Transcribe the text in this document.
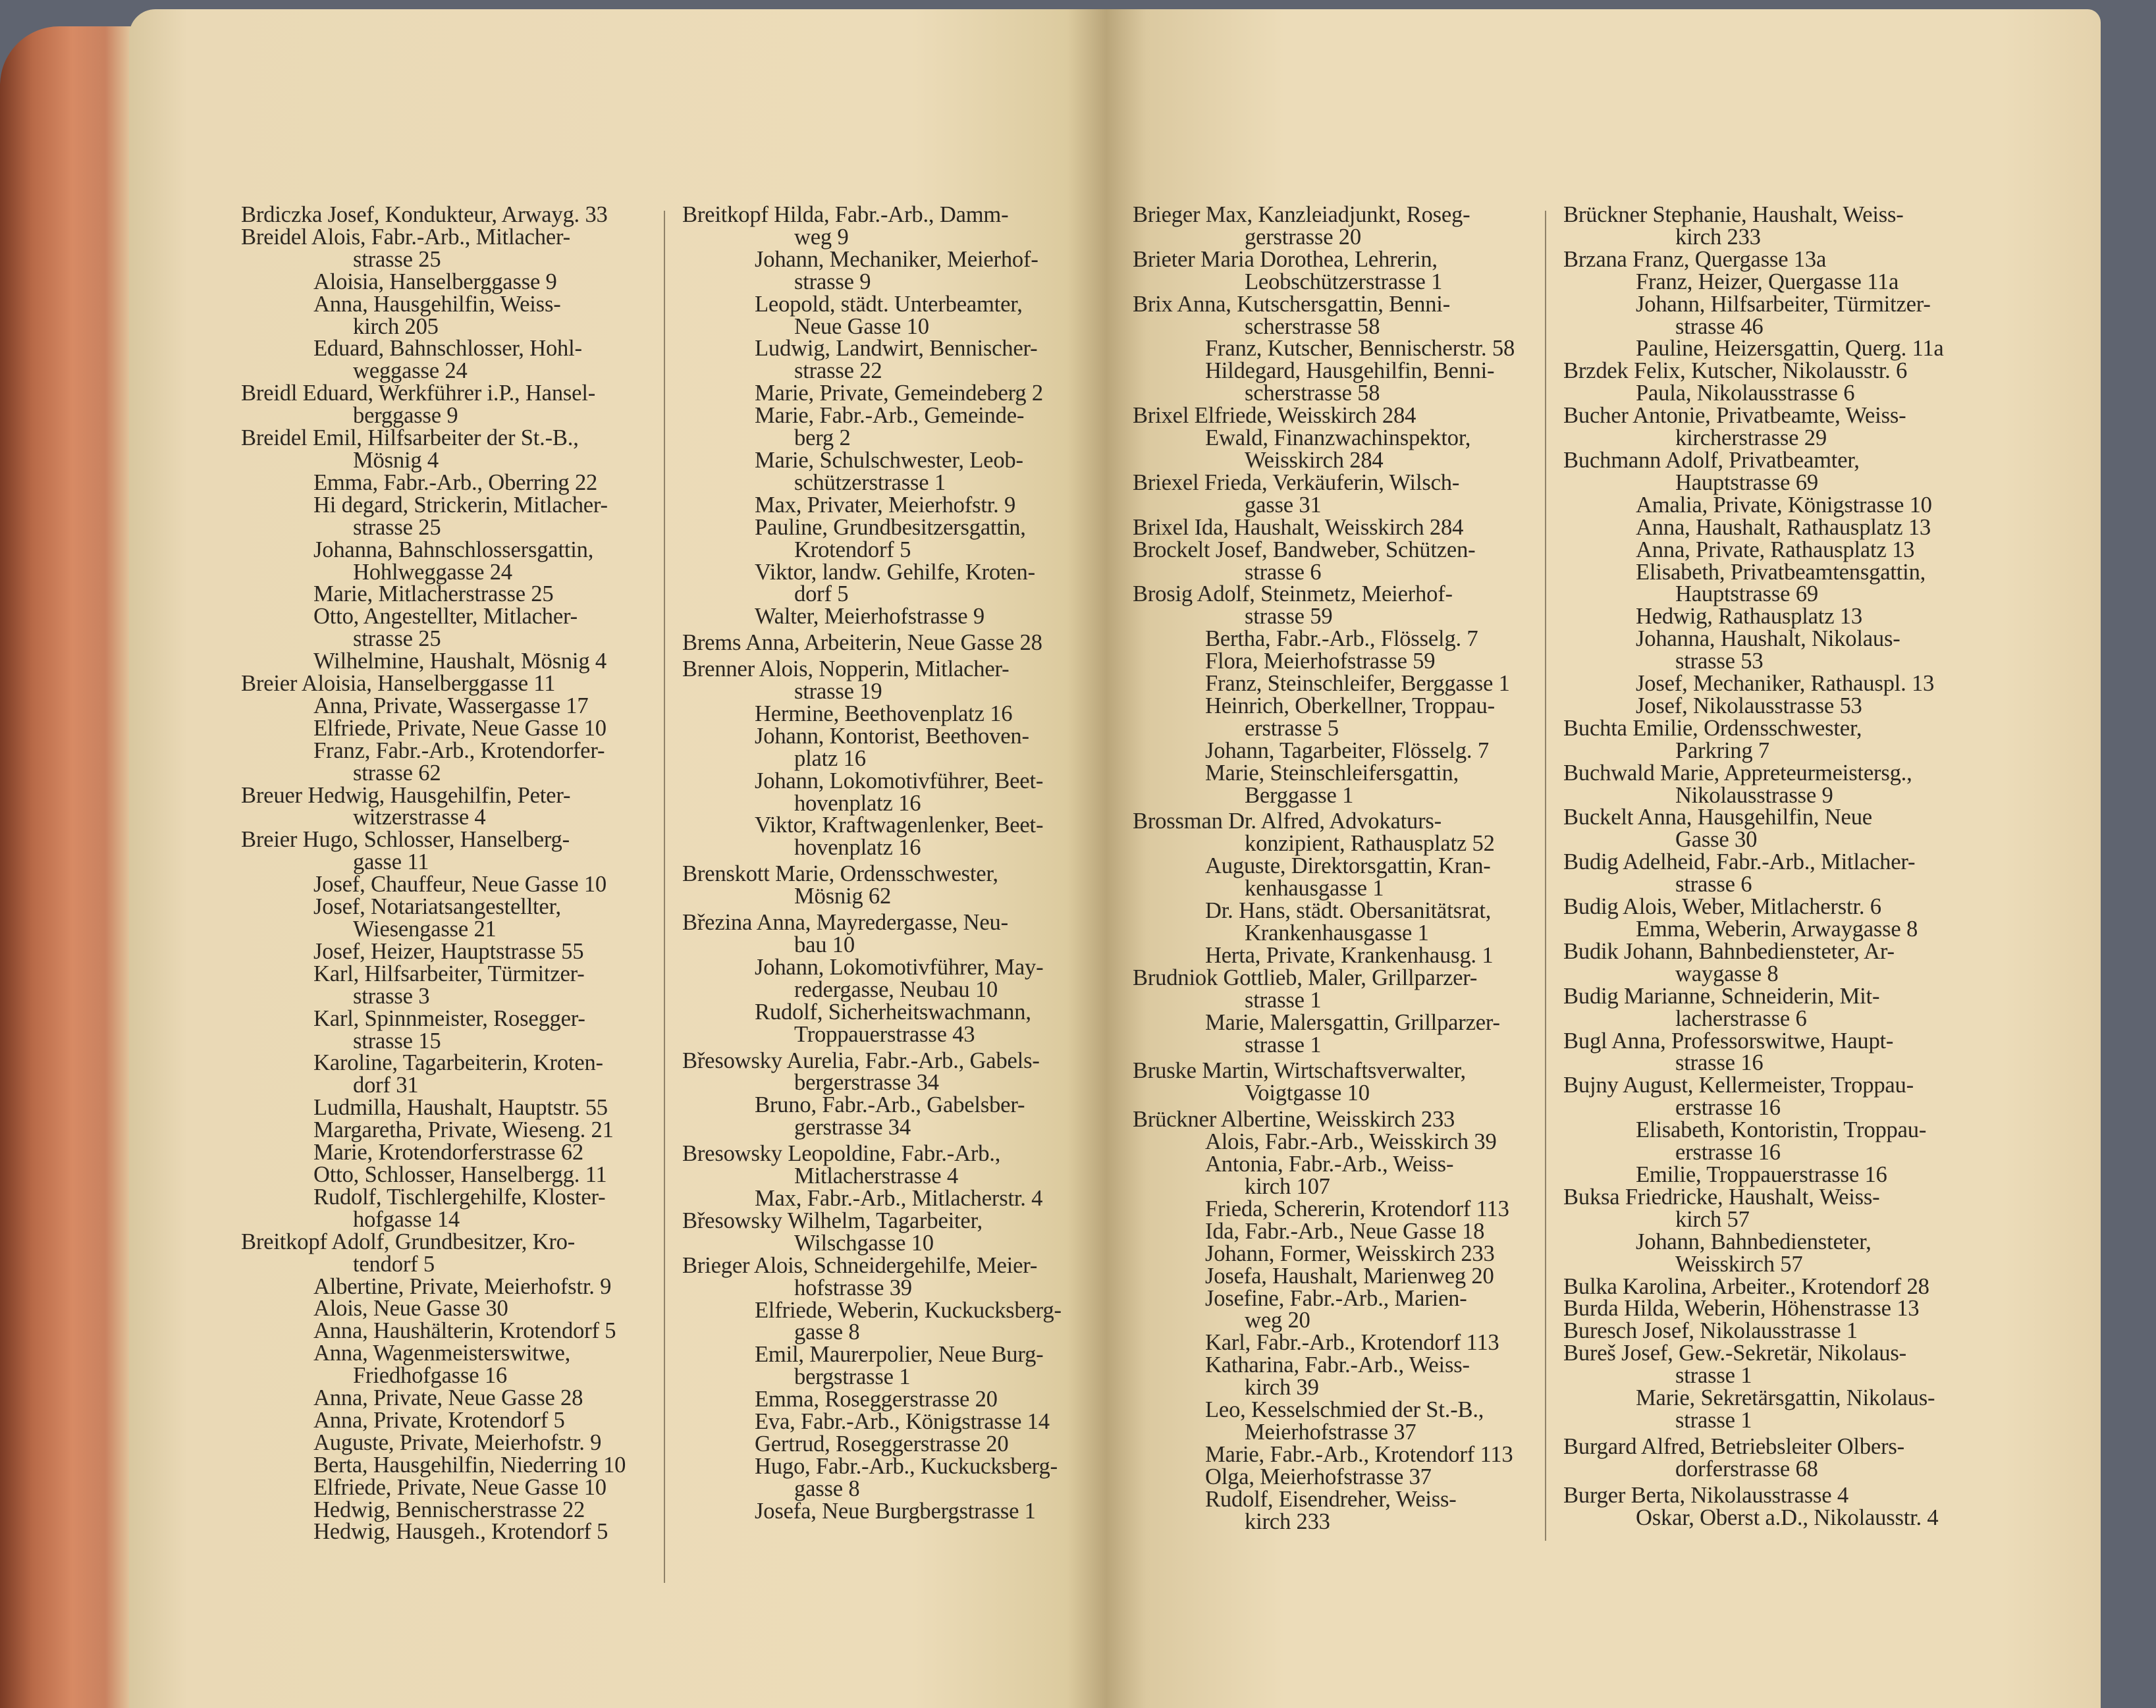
Brdiczka Josef, Kondukteur, Arwayg. 33
Breidel Alois, Fabr.-Arb., Mitlacher-
strasse 25
Aloisia, Hanselberggasse 9
Anna, Hausgehilfin, Weiss-
kirch 205
Eduard, Bahnschlosser, Hohl-
weggasse 24
Breidl Eduard, Werkführer i.P., Hansel-
berggasse 9
Breidel Emil, Hilfsarbeiter der St.-B.,
Mösnig 4
Emma, Fabr.-Arb., Oberring 22
Hi degard, Strickerin, Mitlacher-
strasse 25
Johanna, Bahnschlossersgattin,
Hohlweggasse 24
Marie, Mitlacherstrasse 25
Otto, Angestellter, Mitlacher-
strasse 25
Wilhelmine, Haushalt, Mösnig 4
Breier Aloisia, Hanselberggasse 11
Anna, Private, Wassergasse 17
Elfriede, Private, Neue Gasse 10
Franz, Fabr.-Arb., Krotendorfer-
strasse 62
Breuer Hedwig, Hausgehilfin, Peter-
witzerstrasse 4
Breier Hugo, Schlosser, Hanselberg-
gasse 11
Josef, Chauffeur, Neue Gasse 10
Josef, Notariatsangestellter,
Wiesengasse 21
Josef, Heizer, Hauptstrasse 55
Karl, Hilfsarbeiter, Türmitzer-
strasse 3
Karl, Spinnmeister, Rosegger-
strasse 15
Karoline, Tagarbeiterin, Kroten-
dorf 31
Ludmilla, Haushalt, Hauptstr. 55
Margaretha, Private, Wieseng. 21
Marie, Krotendorferstrasse 62
Otto, Schlosser, Hanselbergg. 11
Rudolf, Tischlergehilfe, Kloster-
hofgasse 14
Breitkopf Adolf, Grundbesitzer, Kro-
tendorf 5
Albertine, Private, Meierhofstr. 9
Alois, Neue Gasse 30
Anna, Haushälterin, Krotendorf 5
Anna, Wagenmeisterswitwe,
Friedhofgasse 16
Anna, Private, Neue Gasse 28
Anna, Private, Krotendorf 5
Auguste, Private, Meierhofstr. 9
Berta, Hausgehilfin, Niederring 10
Elfriede, Private, Neue Gasse 10
Hedwig, Bennischerstrasse 22
Hedwig, Hausgeh., Krotendorf 5
Breitkopf Hilda, Fabr.-Arb., Damm-
weg 9
Johann, Mechaniker, Meierhof-
strasse 9
Leopold, städt. Unterbeamter,
Neue Gasse 10
Ludwig, Landwirt, Bennischer-
strasse 22
Marie, Private, Gemeindeberg 2
Marie, Fabr.-Arb., Gemeinde-
berg 2
Marie, Schulschwester, Leob-
schützerstrasse 1
Max, Privater, Meierhofstr. 9
Pauline, Grundbesitzersgattin,
Krotendorf 5
Viktor, landw. Gehilfe, Kroten-
dorf 5
Walter, Meierhofstrasse 9
Brems Anna, Arbeiterin, Neue Gasse 28
Brenner Alois, Nopperin, Mitlacher-
strasse 19
Hermine, Beethovenplatz 16
Johann, Kontorist, Beethoven-
platz 16
Johann, Lokomotivführer, Beet-
hovenplatz 16
Viktor, Kraftwagenlenker, Beet-
hovenplatz 16
Brenskott Marie, Ordensschwester,
Mösnig 62
Březina Anna, Mayredergasse, Neu-
bau 10
Johann, Lokomotivführer, May-
redergasse, Neubau 10
Rudolf, Sicherheitswachmann,
Troppauerstrasse 43
Břesowsky Aurelia, Fabr.-Arb., Gabels-
bergerstrasse 34
Bruno, Fabr.-Arb., Gabelsber-
gerstrasse 34
Bresowsky Leopoldine, Fabr.-Arb.,
Mitlacherstrasse 4
Max, Fabr.-Arb., Mitlacherstr. 4
Břesowsky Wilhelm, Tagarbeiter,
Wilschgasse 10
Brieger Alois, Schneidergehilfe, Meier-
hofstrasse 39
Elfriede, Weberin, Kuckucksberg-
gasse 8
Emil, Maurerpolier, Neue Burg-
bergstrasse 1
Emma, Roseggerstrasse 20
Eva, Fabr.-Arb., Königstrasse 14
Gertrud, Roseggerstrasse 20
Hugo, Fabr.-Arb., Kuckucksberg-
gasse 8
Josefa, Neue Burgbergstrasse 1
Brieger Max, Kanzleiadjunkt, Roseg-
gerstrasse 20
Brieter Maria Dorothea, Lehrerin,
Leobschützerstrasse 1
Brix Anna, Kutschersgattin, Benni-
scherstrasse 58
Franz, Kutscher, Bennischerstr. 58
Hildegard, Hausgehilfin, Benni-
scherstrasse 58
Brixel Elfriede, Weisskirch 284
Ewald, Finanzwachinspektor,
Weisskirch 284
Briexel Frieda, Verkäuferin, Wilsch-
gasse 31
Brixel Ida, Haushalt, Weisskirch 284
Brockelt Josef, Bandweber, Schützen-
strasse 6
Brosig Adolf, Steinmetz, Meierhof-
strasse 59
Bertha, Fabr.-Arb., Flösselg. 7
Flora, Meierhofstrasse 59
Franz, Steinschleifer, Berggasse 1
Heinrich, Oberkellner, Troppau-
erstrasse 5
Johann, Tagarbeiter, Flösselg. 7
Marie, Steinschleifersgattin,
Berggasse 1
Brossman Dr. Alfred, Advokaturs-
konzipient, Rathausplatz 52
Auguste, Direktorsgattin, Kran-
kenhausgasse 1
Dr. Hans, städt. Obersanitätsrat,
Krankenhausgasse 1
Herta, Private, Krankenhausg. 1
Brudniok Gottlieb, Maler, Grillparzer-
strasse 1
Marie, Malersgattin, Grillparzer-
strasse 1
Bruske Martin, Wirtschaftsverwalter,
Voigtgasse 10
Brückner Albertine, Weisskirch 233
Alois, Fabr.-Arb., Weisskirch 39
Antonia, Fabr.-Arb., Weiss-
kirch 107
Frieda, Schererin, Krotendorf 113
Ida, Fabr.-Arb., Neue Gasse 18
Johann, Former, Weisskirch 233
Josefa, Haushalt, Marienweg 20
Josefine, Fabr.-Arb., Marien-
weg 20
Karl, Fabr.-Arb., Krotendorf 113
Katharina, Fabr.-Arb., Weiss-
kirch 39
Leo, Kesselschmied der St.-B.,
Meierhofstrasse 37
Marie, Fabr.-Arb., Krotendorf 113
Olga, Meierhofstrasse 37
Rudolf, Eisendreher, Weiss-
kirch 233
Brückner Stephanie, Haushalt, Weiss-
kirch 233
Brzana Franz, Quergasse 13a
Franz, Heizer, Quergasse 11a
Johann, Hilfsarbeiter, Türmitzer-
strasse 46
Pauline, Heizersgattin, Querg. 11a
Brzdek Felix, Kutscher, Nikolausstr. 6
Paula, Nikolausstrasse 6
Bucher Antonie, Privatbeamte, Weiss-
kircherstrasse 29
Buchmann Adolf, Privatbeamter,
Hauptstrasse 69
Amalia, Private, Königstrasse 10
Anna, Haushalt, Rathausplatz 13
Anna, Private, Rathausplatz 13
Elisabeth, Privatbeamtensgattin,
Hauptstrasse 69
Hedwig, Rathausplatz 13
Johanna, Haushalt, Nikolaus-
strasse 53
Josef, Mechaniker, Rathauspl. 13
Josef, Nikolausstrasse 53
Buchta Emilie, Ordensschwester,
Parkring 7
Buchwald Marie, Appreteurmeistersg.,
Nikolausstrasse 9
Buckelt Anna, Hausgehilfin, Neue
Gasse 30
Budig Adelheid, Fabr.-Arb., Mitlacher-
strasse 6
Budig Alois, Weber, Mitlacherstr. 6
Emma, Weberin, Arwaygasse 8
Budik Johann, Bahnbediensteter, Ar-
waygasse 8
Budig Marianne, Schneiderin, Mit-
lacherstrasse 6
Bugl Anna, Professorswitwe, Haupt-
strasse 16
Bujny August, Kellermeister, Troppau-
erstrasse 16
Elisabeth, Kontoristin, Troppau-
erstrasse 16
Emilie, Troppauerstrasse 16
Buksa Friedricke, Haushalt, Weiss-
kirch 57
Johann, Bahnbediensteter,
Weisskirch 57
Bulka Karolina, Arbeiter., Krotendorf 28
Burda Hilda, Weberin, Höhenstrasse 13
Buresch Josef, Nikolausstrasse 1
Bureš Josef, Gew.-Sekretär, Nikolaus-
strasse 1
Marie, Sekretärsgattin, Nikolaus-
strasse 1
Burgard Alfred, Betriebsleiter Olbers-
dorferstrasse 68
Burger Berta, Nikolausstrasse 4
Oskar, Oberst a.D., Nikolausstr. 4
